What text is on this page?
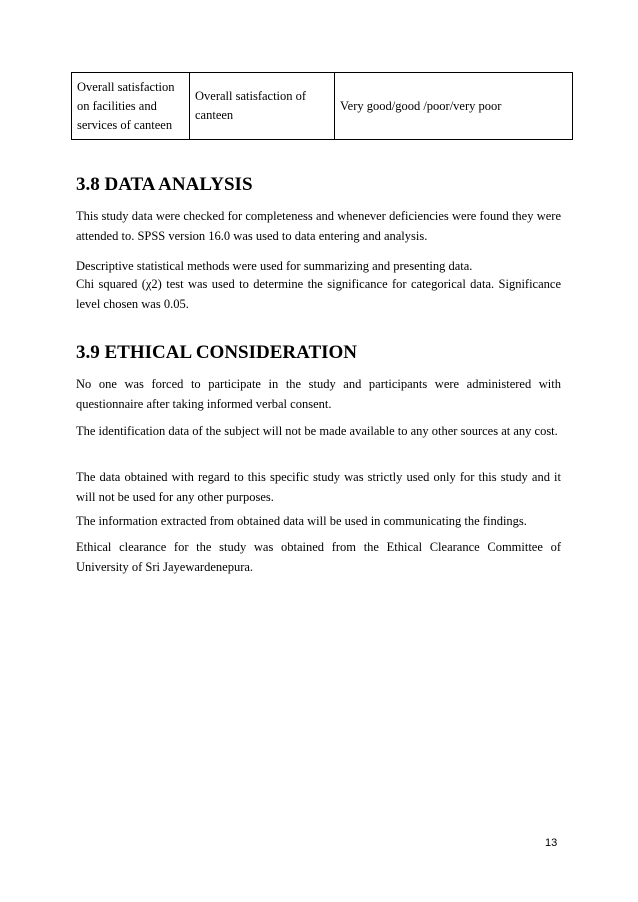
Overall satisfaction on facilities and services of canteen	Overall satisfaction of canteen	Very good/good /poor/very poor
3.8 DATA ANALYSIS

This study data were checked for completeness and whenever deficiencies were found they were attended to. SPSS version 16.0 was used to data entering and analysis.

Descriptive statistical methods were used for summarizing and presenting data.

Chi squared (χ2) test was used to determine the significance for categorical data. Significance level chosen was 0.05.

3.9 ETHICAL CONSIDERATION

No one was forced to participate in the study and participants were administered with questionnaire after taking informed verbal consent.

The identification data of the subject will not be made available to any other sources at any cost.

The data obtained with regard to this specific study was strictly used only for this study and it will not be used for any other purposes.

The information extracted from obtained data will be used in communicating the findings.

Ethical clearance for the study was obtained from the Ethical Clearance Committee of University of Sri Jayewardenepura.

13
